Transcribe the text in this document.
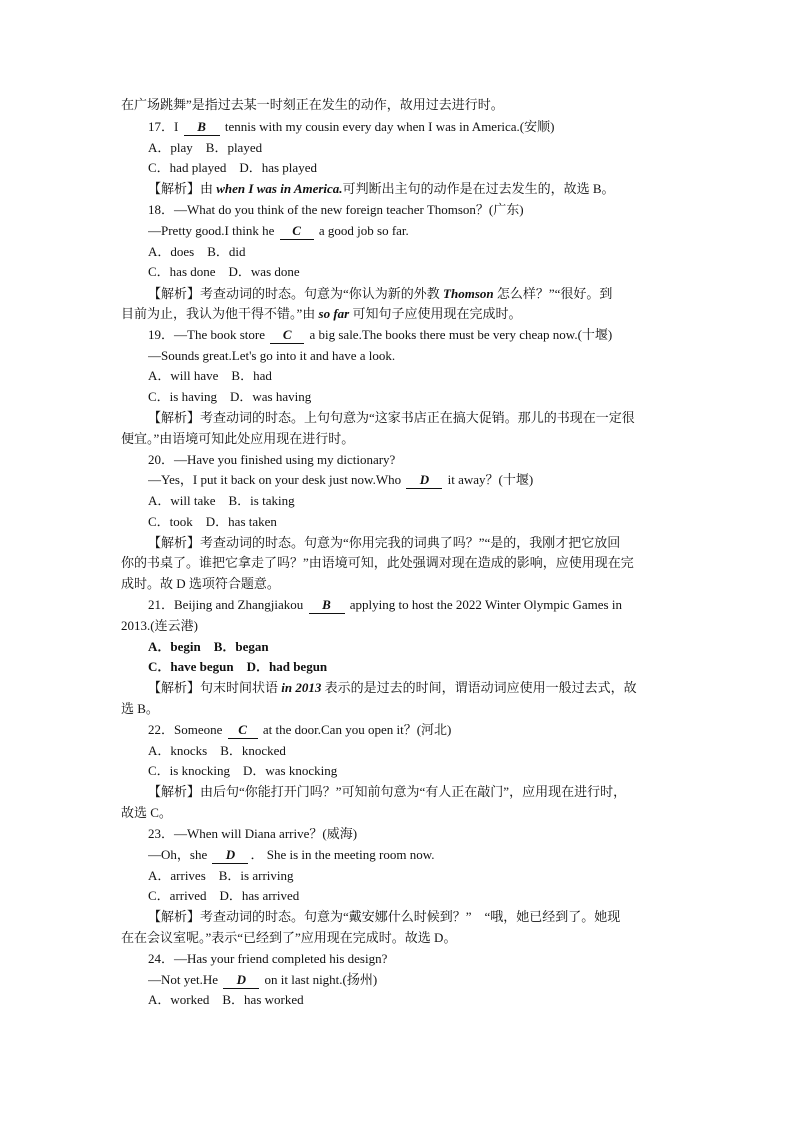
在广场跳舞”是指过去某一时刻正在发生的动作，故用过去进行时。
17．I B tennis with my cousin every day when I was in America.(安顺)
A．play　B．played
C．had played　D．has played
【解析】由 when I was in America.可判断出主句的动作是在过去发生的，故选 B。
18．—What do you think of the new foreign teacher Thomson？(广东)
—Pretty good.I think he C a good job so far.
A．does　B．did
C．has done　D．was done
【解析】考查动词的时态。句意为“你认为新的外教 Thomson 怎么样？”“很好。到
目前为止，我认为他干得不错。”由 so far 可知句子应使用现在完成时。
19．—The book store C a big sale.The books there must be very cheap now.(十堰)
—Sounds great.Let's go into it and have a look.
A．will have　B．had
C．is having　D．was having
【解析】考查动词的时态。上句句意为“这家书店正在搞大促销。那儿的书现在一定很
便宜。”由语境可知此处应用现在进行时。
20．—Have you finished using my dictionary?
—Yes，I put it back on your desk just now.Who D it away？(十堰)
A．will take　B．is taking
C．took　D．has taken
【解析】考查动词的时态。句意为“你用完我的词典了吗？”“是的，我刚才把它放回
你的书桌了。谁把它拿走了吗？”由语境可知，此处强调对现在造成的影响，应使用现在完
成时。故 D 选项符合题意。
21．Beijing and Zhangjiakou B applying to host the 2022 Winter Olympic Games in
2013.(连云港)
A．begin　B．began
C．have begun　D．had begun
【解析】句末时间状语 in 2013 表示的是过去的时间，谓语动词应使用一般过去式，故
选 B。
22．Someone C at the door.Can you open it？(河北)
A．knocks　B．knocked
C．is knocking　D．was knocking
【解析】由后句“你能打开门吗？”可知前句意为“有人正在敲门”，应用现在进行时，
故选 C。
23．—When will Diana arrive？(威海)
—Oh，she D ． She is in the meeting room now.
A．arrives　B．is arriving
C．arrived　D．has arrived
【解析】考查动词的时态。句意为“戴安娜什么时候到？”　“哦，她已经到了。她现
在在会议室呢。”表示“已经到了”应用现在完成时。故选 D。
24．—Has your friend completed his design?
—Not yet.He D on it last night.(扬州)
A．worked　B．has worked
